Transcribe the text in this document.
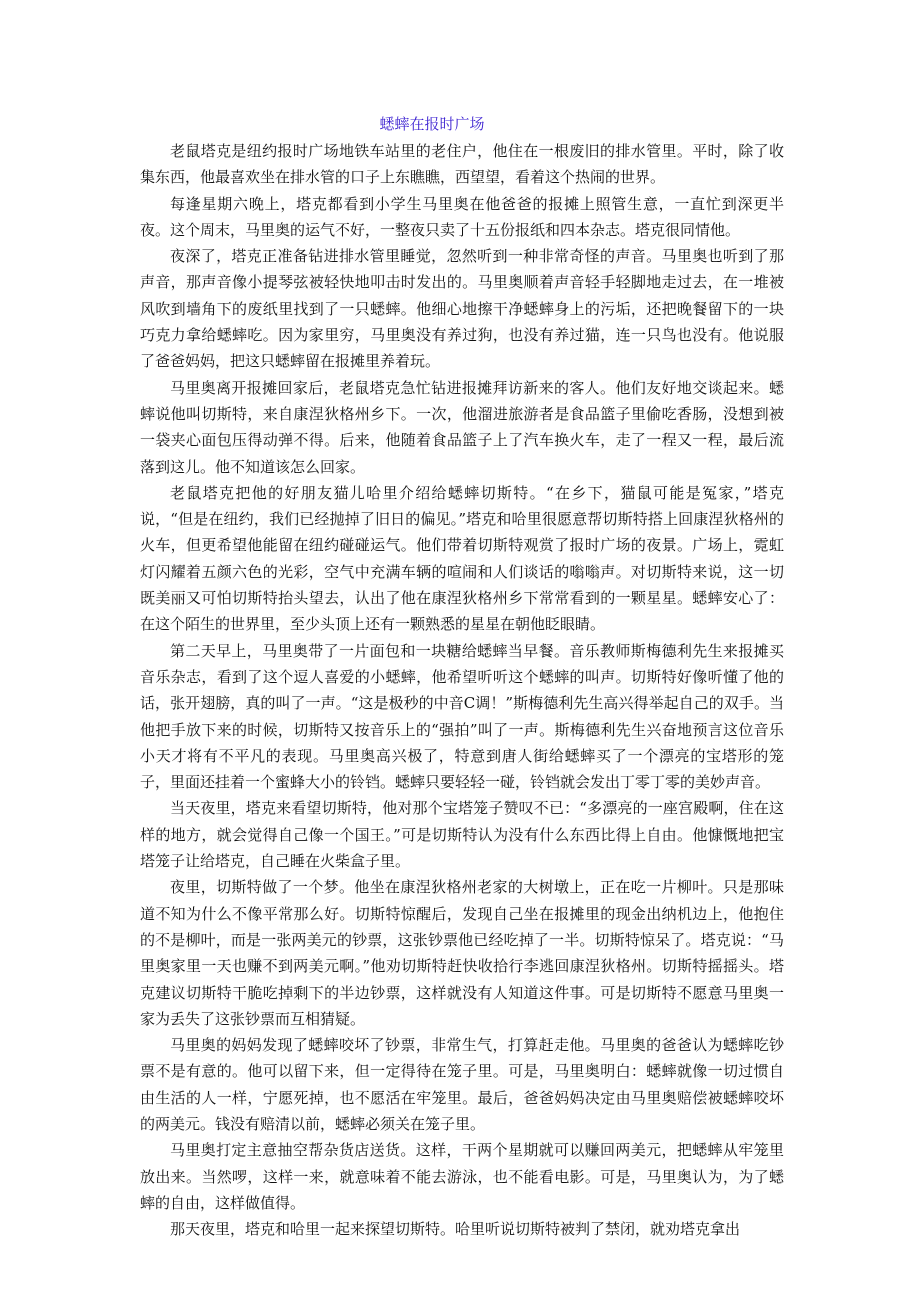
蟋蟀在报时广场

老鼠塔克是纽约报时广场地铁车站里的老住户，他住在一根废旧的排水管里。平时，除了收集东西，他最喜欢坐在排水管的口子上东瞧瞧，西望望，看着这个热闹的世界。

每逢星期六晚上，塔克都看到小学生马里奥在他爸爸的报摊上照管生意，一直忙到深更半夜。这个周末，马里奥的运气不好，一整夜只卖了十五份报纸和四本杂志。塔克很同情他。

夜深了，塔克正准备钻进排水管里睡觉，忽然听到一种非常奇怪的声音。马里奥也听到了那声音，那声音像小提琴弦被轻快地叩击时发出的。马里奥顺着声音轻手轻脚地走过去，在一堆被风吹到墙角下的废纸里找到了一只蟋蟀。他细心地擦干净蟋蟀身上的污垢，还把晚餐留下的一块巧克力拿给蟋蟀吃。因为家里穷，马里奥没有养过狗，也没有养过猫，连一只鸟也没有。他说服了爸爸妈妈，把这只蟋蟀留在报摊里养着玩。

马里奥离开报摊回家后，老鼠塔克急忙钻进报摊拜访新来的客人。他们友好地交谈起来。蟋蟀说他叫切斯特，来自康涅狄格州乡下。一次，他溜进旅游者是食品篮子里偷吃香肠，没想到被一袋夹心面包压得动弹不得。后来，他随着食品篮子上了汽车换火车，走了一程又一程，最后流落到这儿。他不知道该怎么回家。

老鼠塔克把他的好朋友猫儿哈里介绍给蟋蟀切斯特。“在乡下，猫鼠可能是冤家，”塔克说，“但是在纽约，我们已经抛掉了旧日的偏见。”塔克和哈里很愿意帮切斯特搭上回康涅狄格州的火车，但更希望他能留在纽约碰碰运气。他们带着切斯特观赏了报时广场的夜景。广场上，霓虹灯闪耀着五颜六色的光彩，空气中充满车辆的喧闹和人们谈话的嗡嗡声。对切斯特来说，这一切既美丽又可怕切斯特抬头望去，认出了他在康涅狄格州乡下常常看到的一颗星星。蟋蟀安心了：在这个陌生的世界里，至少头顶上还有一颗熟悉的星星在朝他眨眼睛。

第二天早上，马里奥带了一片面包和一块糖给蟋蟀当早餐。音乐教师斯梅德利先生来报摊买音乐杂志，看到了这个逗人喜爱的小蟋蟀，他希望听听这个蟋蟀的叫声。切斯特好像听懂了他的话，张开翅膀，真的叫了一声。“这是极秒的中音C调！”斯梅德利先生高兴得举起自己的双手。当他把手放下来的时候，切斯特又按音乐上的“强拍”叫了一声。斯梅德利先生兴奋地预言这位音乐小天才将有不平凡的表现。马里奥高兴极了，特意到唐人街给蟋蟀买了一个漂亮的宝塔形的笼子，里面还挂着一个蜜蜂大小的铃铛。蟋蟀只要轻轻一碰，铃铛就会发出丁零丁零的美妙声音。

当天夜里，塔克来看望切斯特，他对那个宝塔笼子赞叹不已：“多漂亮的一座宫殿啊，住在这样的地方，就会觉得自己像一个国王。”可是切斯特认为没有什么东西比得上自由。他慷慨地把宝塔笼子让给塔克，自己睡在火柴盒子里。

夜里，切斯特做了一个梦。他坐在康涅狄格州老家的大树墩上，正在吃一片柳叶。只是那味道不知为什么不像平常那么好。切斯特惊醒后，发现自己坐在报摊里的现金出纳机边上，他抱住的不是柳叶，而是一张两美元的钞票，这张钞票他已经吃掉了一半。切斯特惊呆了。塔克说：“马里奥家里一天也赚不到两美元啊。”他劝切斯特赶快收拾行李逃回康涅狄格州。切斯特摇摇头。塔克建议切斯特干脆吃掉剩下的半边钞票，这样就没有人知道这件事。可是切斯特不愿意马里奥一家为丢失了这张钞票而互相猜疑。

马里奥的妈妈发现了蟋蟀咬坏了钞票，非常生气，打算赶走他。马里奥的爸爸认为蟋蟀吃钞票不是有意的。他可以留下来，但一定得待在笼子里。可是，马里奥明白：蟋蟀就像一切过惯自由生活的人一样，宁愿死掉，也不愿活在牢笼里。最后，爸爸妈妈决定由马里奥赔偿被蟋蟀咬坏的两美元。钱没有赔清以前，蟋蟀必须关在笼子里。

马里奥打定主意抽空帮杂货店送货。这样，干两个星期就可以赚回两美元，把蟋蟀从牢笼里放出来。当然啰，这样一来，就意味着不能去游泳，也不能看电影。可是，马里奥认为，为了蟋蟀的自由，这样做值得。

那天夜里，塔克和哈里一起来探望切斯特。哈里听说切斯特被判了禁闭，就劝塔克拿出
